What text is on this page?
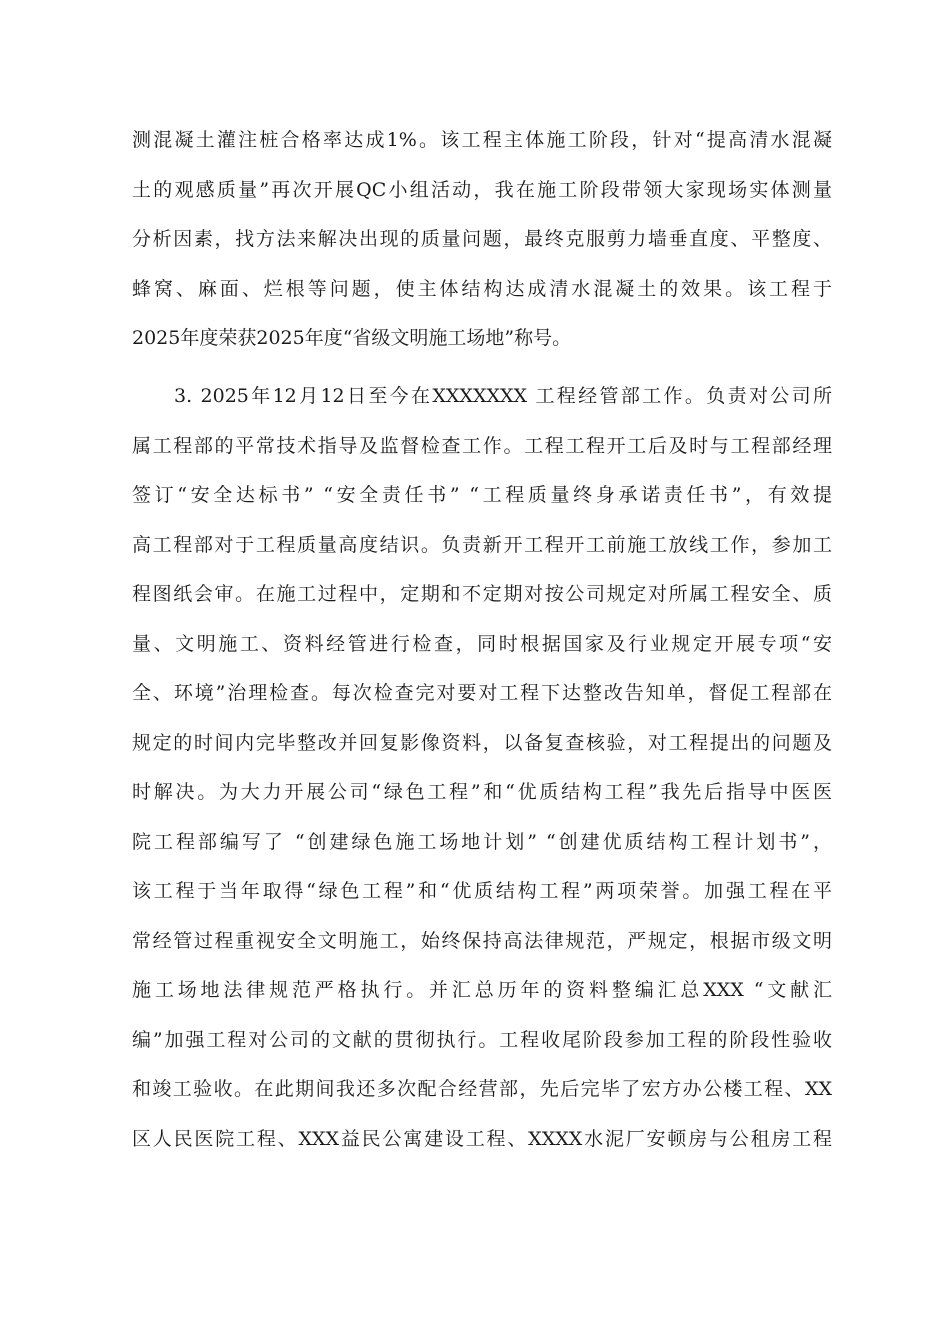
测混凝土灌注桩合格率达成1%。该工程主体施工阶段，针对“提高清水混凝
土的观感质量”再次开展QC小组活动，我在施工阶段带领大家现场实体测量
分析因素，找方法来解决出现的质量问题，最终克服剪力墙垂直度、平整度、
蜂窝、麻面、烂根等问题，使主体结构达成清水混凝土的效果。该工程于
2025年度荣获2025年度“省级文明施工场地”称号。
3. 2025年12月12日至今在XXXXXXX 工程经管部工作。负责对公司所
属工程部的平常技术指导及监督检查工作。工程工程开工后及时与工程部经理
签订“安全达标书” “安全责任书” “工程质量终身承诺责任书”，有效提
高工程部对于工程质量高度结识。负责新开工程开工前施工放线工作，参加工
程图纸会审。在施工过程中，定期和不定期对按公司规定对所属工程安全、质
量、文明施工、资料经管进行检查，同时根据国家及行业规定开展专项“安
全、环境”治理检查。每次检查完对要对工程下达整改告知单，督促工程部在
规定的时间内完毕整改并回复影像资料，以备复查核验，对工程提出的问题及
时解决。为大力开展公司“绿色工程”和“优质结构工程”我先后指导中医医
院工程部编写了 “创建绿色施工场地计划” “创建优质结构工程计划书”，
该工程于当年取得“绿色工程”和“优质结构工程”两项荣誉。加强工程在平
常经管过程重视安全文明施工，始终保持高法律规范，严规定，根据市级文明
施工场地法律规范严格执行。并汇总历年的资料整编汇总XXX “文献汇
编”加强工程对公司的文献的贯彻执行。工程收尾阶段参加工程的阶段性验收
和竣工验收。在此期间我还多次配合经营部，先后完毕了宏方办公楼工程、XX
区人民医院工程、XXX益民公寓建设工程、XXXX水泥厂安顿房与公租房工程
